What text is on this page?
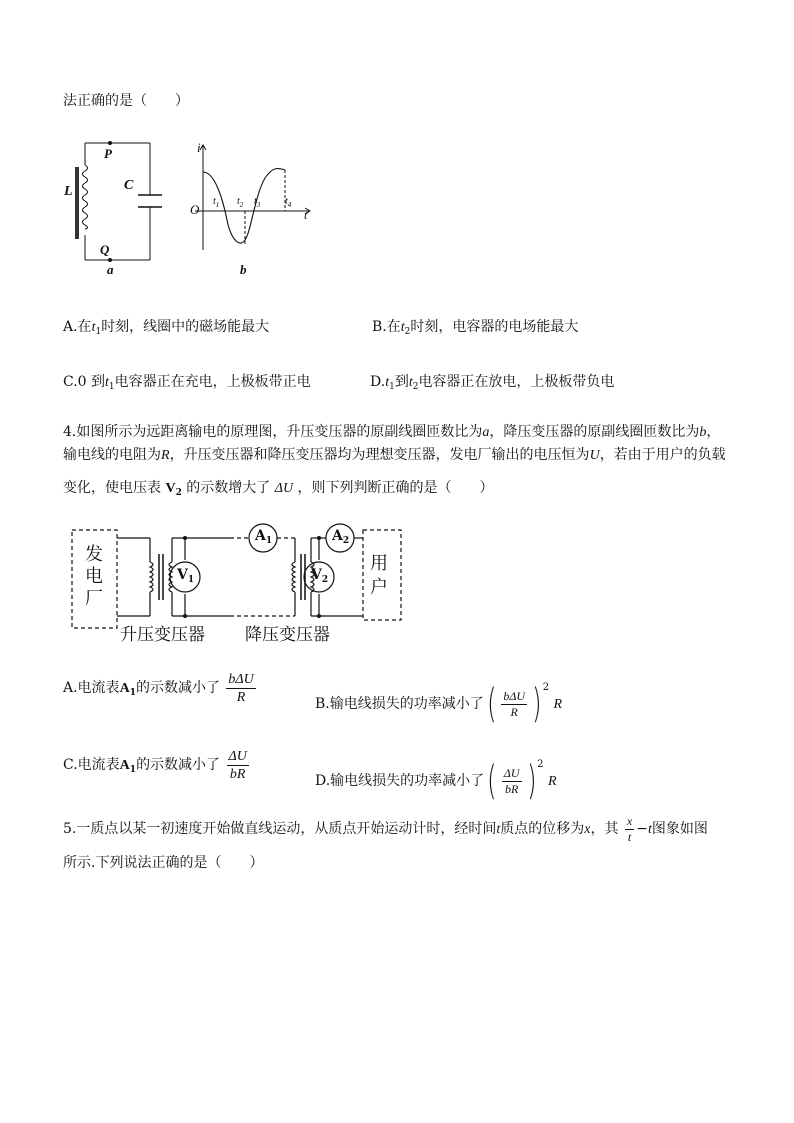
法正确的是（　　）
L	C
P
Q
a
i
O	t
$t_1$ $t_2$ $t_3$ $t_4$
b
A.在$t_1$时刻，线圈中的磁场能最大	B.在$t_2$时刻，电容器的电场能最大
C.0 到$t_1$电容器正在充电，上极板带正电	$D.t_1$到$t_2$电容器正在放电，上极板带负电
4.如图所示为远距离输电的原理图，升压变压器的原副线圈匝数比为a，降压变压器的原副线圈匝数比为b，
输电线的电阻为R，升压变压器和降压变压器均为理想变压器，发电厂输出的电压恒为U，若由于用户的负载
变化，使电压表 $V_2$ 的示数增大了 ΔU ，则下列判断正确的是（　　）
发
电
厂
用
户
$V_1$	$V_2$
$A_1$	$A_2$
升压变压器 降压变压器
A.电流表$A_1$的示数减小了 $\frac{\text{bΔU}}{R}$	B.输电线损失的功率减小了( $\frac{\text{bΔU}}{R} )^2$ R
C.电流表$A_1$的示数减小了 $\frac{\Delta U}{bR}$	D.输电线损失的功率减小了( $\frac{\Delta U}{bR} )^2$ R
5.一质点以某一初速度开始做直线运动，从质点开始运动计时，经时间t质点的位移为x，其 $\frac{x}{t} -t$图象如图
所示.下列说法正确的是（　　）
